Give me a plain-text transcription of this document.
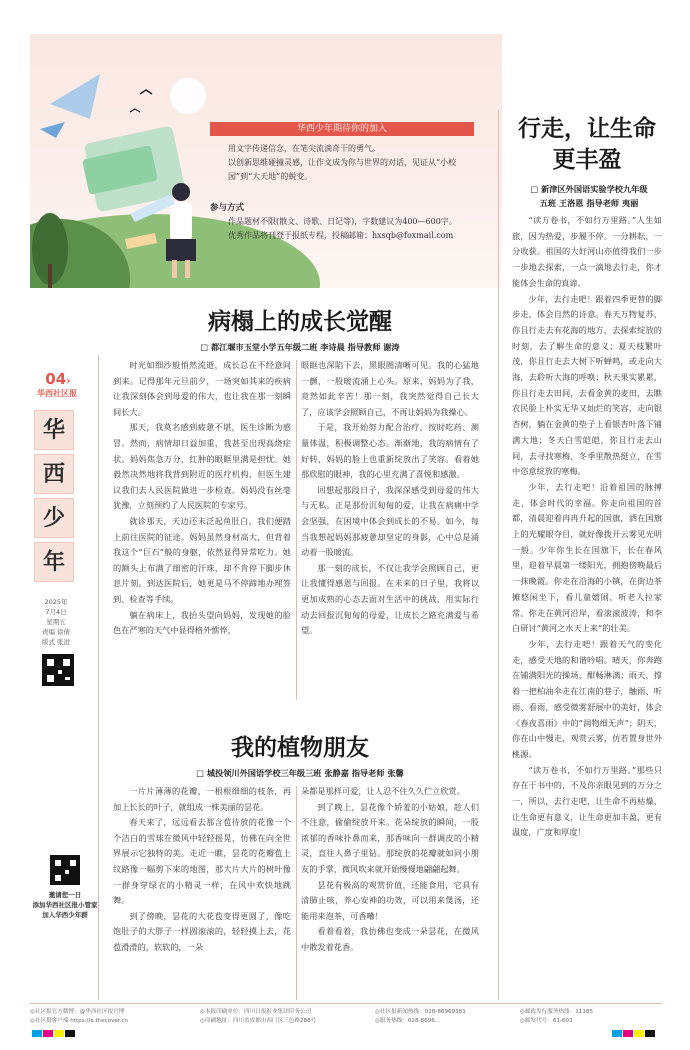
华西少年期待你的加入
用文字传递信念，在笔尖流淌奇干的勇气。
以创新思维碰撞灵感，让作文成为你与世界的对话，见证从“小校园”到“大天地”的蜕变。
参与方式
作品题材不限(散文、诗歌、日记等)，字数建议为400—600字。
优秀作品将刊登于报纸专程，投稿邮箱：hxsqb@foxmail.com
行走，让生命
更丰盈
□ 新津区外国语实验学校九年级
五班 王洛恩 指导老师 夷丽

“读万卷书，不如行万里路。”人生如旅，因为热爱，步履不停。一分耕耘，一分收获。祖国的大好河山亦值得我们一步一步地去探索，一点一滴地去行走，你才能体会生命的真谛。

少年，去行走吧！跟着四季更替的脚步走，体会自然的诗意。春天万物复苏，你且行走去有花海的地方，去探索绽放的时刻，去了解生命的意义；夏天枝繁叶茂，你且行走去大树下听蝉鸣，或走向大海，去聆听大海的呼唤；秋天果实累累，你且行走去田间，去看金黄的麦田，去瞧农民脸上朴实无华又灿烂的笑容，走向银杏树，躺在金黄的垫子上看银杏叶落下铺满大地；冬天白雪皑皑，你且行走去山间，去寻找寒梅，冬季里散热挺立，在雪中恣意绽放的寒梅。

少年，去行走吧！沿着祖国的脉搏走，体会时代的幸福。你走向祖国的首都，清晨迎着冉冉升起的国旗，洒在国旗上的光耀眼夺目，就好像拨开云雾见光明一般。少年你生长在国旗下，长在春风里，迎着早晨第一缕阳光，拥抱傍晚最后一抹晚霞。你走在沿海的小镇，在街边茶摊悠闲坐下，看儿童嬉闹，听老人拉家常。你走在黄河沿岸，看滚滚波涛，和李白研讨“黄河之水天上来”的壮美。

少年，去行走吧！跟着天气的变化走，感受天地的和谐吟唱。晴天，你奔跑在铺满阳光的操场，酣畅淋漓；雨天，撑着一把柏油伞走在江南的巷子，触雨、听雨、看雨，感受微雾舒展中的美好，体会《春夜喜雨》中的“润物细无声”；阴天，你在山中慢走，观赏云雾，仿若置身世外桃源。

“读万卷书，不如行万里路。”那些只存在于书中的，不及你亲眼见到的万分之一，所以，去行走吧，让生命不再枯燥，让生命更有意义，让生命更加丰盈，更有温度，广度和厚度！

04›
华西社区报
华
西
少
年
2025年
7月4日
星期五
责编 徐倩
版式 张进
邀请您一日
添加华西社区报小管家
加入华西少年群
病榻上的成长觉醒
□ 都江堰市玉堂小学五年级二班 李诗晨 指导教师 谢涛

时光如细沙般悄然流逝，成长总在不经意间到来。记得那年元旦前夕，一场突如其来的疾病让我深刻体会到母爱的伟大，也让我在那一刻瞬间长大。

那天，我莫名感到疲惫不堪，医生诊断为感冒。然而，病情却日益加重，我甚至出现高烧症状。妈妈焦急万分，红肿的眼眶里满是担忧。她毅然决然地将我背到附近的医疗机构，但医生建议我们去人民医院做进一步检查。妈妈没有丝毫犹豫，立刻预约了人民医院的专家号。

就诊那天，天边还未泛起鱼肚白，我们便踏上前往医院的征途。妈妈虽然身材高大，但背着我这个“巨石”般的身躯，依然显得异常吃力。她的额头上布满了细密的汗珠，却不肯停下脚步休息片刻。到达医院后，她更是马不停蹄地办理签到、检查等手续。

躺在病床上，我抬头望向妈妈，发现她的脸色在严寒的天气中显得格外憔悴，

眼眶也深陷下去，黑眼圈清晰可见。我的心猛地一颤，一股暖流涌上心头。原来，妈妈为了我，竟然如此辛苦！那一刻，我突然觉得自己长大了，应该学会照顾自己，不再让妈妈为我操心。

于是，我开始努力配合治疗，按时吃药、测量体温，积极调整心态。渐渐地，我的病情有了好转，妈妈的脸上也重新绽放出了笑容。看着她那欣慰的眼神，我的心里充满了喜悦和感激。

回想起那段日子，我深深感受到母爱的伟大与无私。正是那份沉甸甸的爱，让我在病痛中学会坚强，在困境中体会到成长的不易。如今，每当我想起妈妈那疲惫却坚定的身影，心中总是涌动着一股暖流。

那一刻的成长，不仅让我学会照顾自己，更让我懂得感恩与回报。在未来的日子里，我将以更加成熟的心态去面对生活中的挑战，用实际行动去回报沉甸甸的母爱，让成长之路充满爱与希望。

我的植物朋友
□ 城投领川外国语学校三年级三班 张静嘉 指导老师 张馨

一片片薄薄的花瓣，一根根细细的枝条，再加上长长的叶子，就组成一株美丽的昙花。

春天来了，远远看去那含苞待放的花像一个个洁白的雪球在微风中轻轻摇晃，仿佛在向全世界展示它独特的美。走近一瞧，昙花的花瓣苞上纹路像一幅剪下来的地图，那大片大片的树叶像一群身穿绿衣的小精灵一样，在风中欢快地跳舞。

到了傍晚，昙花的大花苞变得更圆了，像吃饱肚子的大胖子一样圆滚滚的，轻轻摸上去，花苞滑滑的，软软的，一朵

朵都是那样可爱，让人忍不住久久伫立欣赏。

到了晚上，昙花像个娇羞的小姑娘，趁人们不注意，偷偷绽放开来。花朵绽放的瞬间，一股浓郁的香味扑鼻而来，那香味向一群调皮的小精灵，直往人鼻子里钻。那绽放的花瓣就如同小朋友的手掌，微风吹来就开始慢慢地翩翩起舞。

昙花有极高的观赏价值，还能食用，它具有清肺止咳，养心安神的功效，可以用来煲汤，还能用来泡茶，可香嘞！

看着看着，我仿佛也变成一朵昙花，在微风中散发着花香。

◎社区报官方微博：@华西社区报官博
◎社区报客户端 https://e.thecover.cn
◎本报印刷单位：四川日报报业集团印务公司
◎印刷地址：四川省成都市西门区三色路288号
◎社区报新闻热线：028-86969381
◎服务热线：028-8696...
◎邮政发行服务热线：11185
◎邮发代号：61-603
